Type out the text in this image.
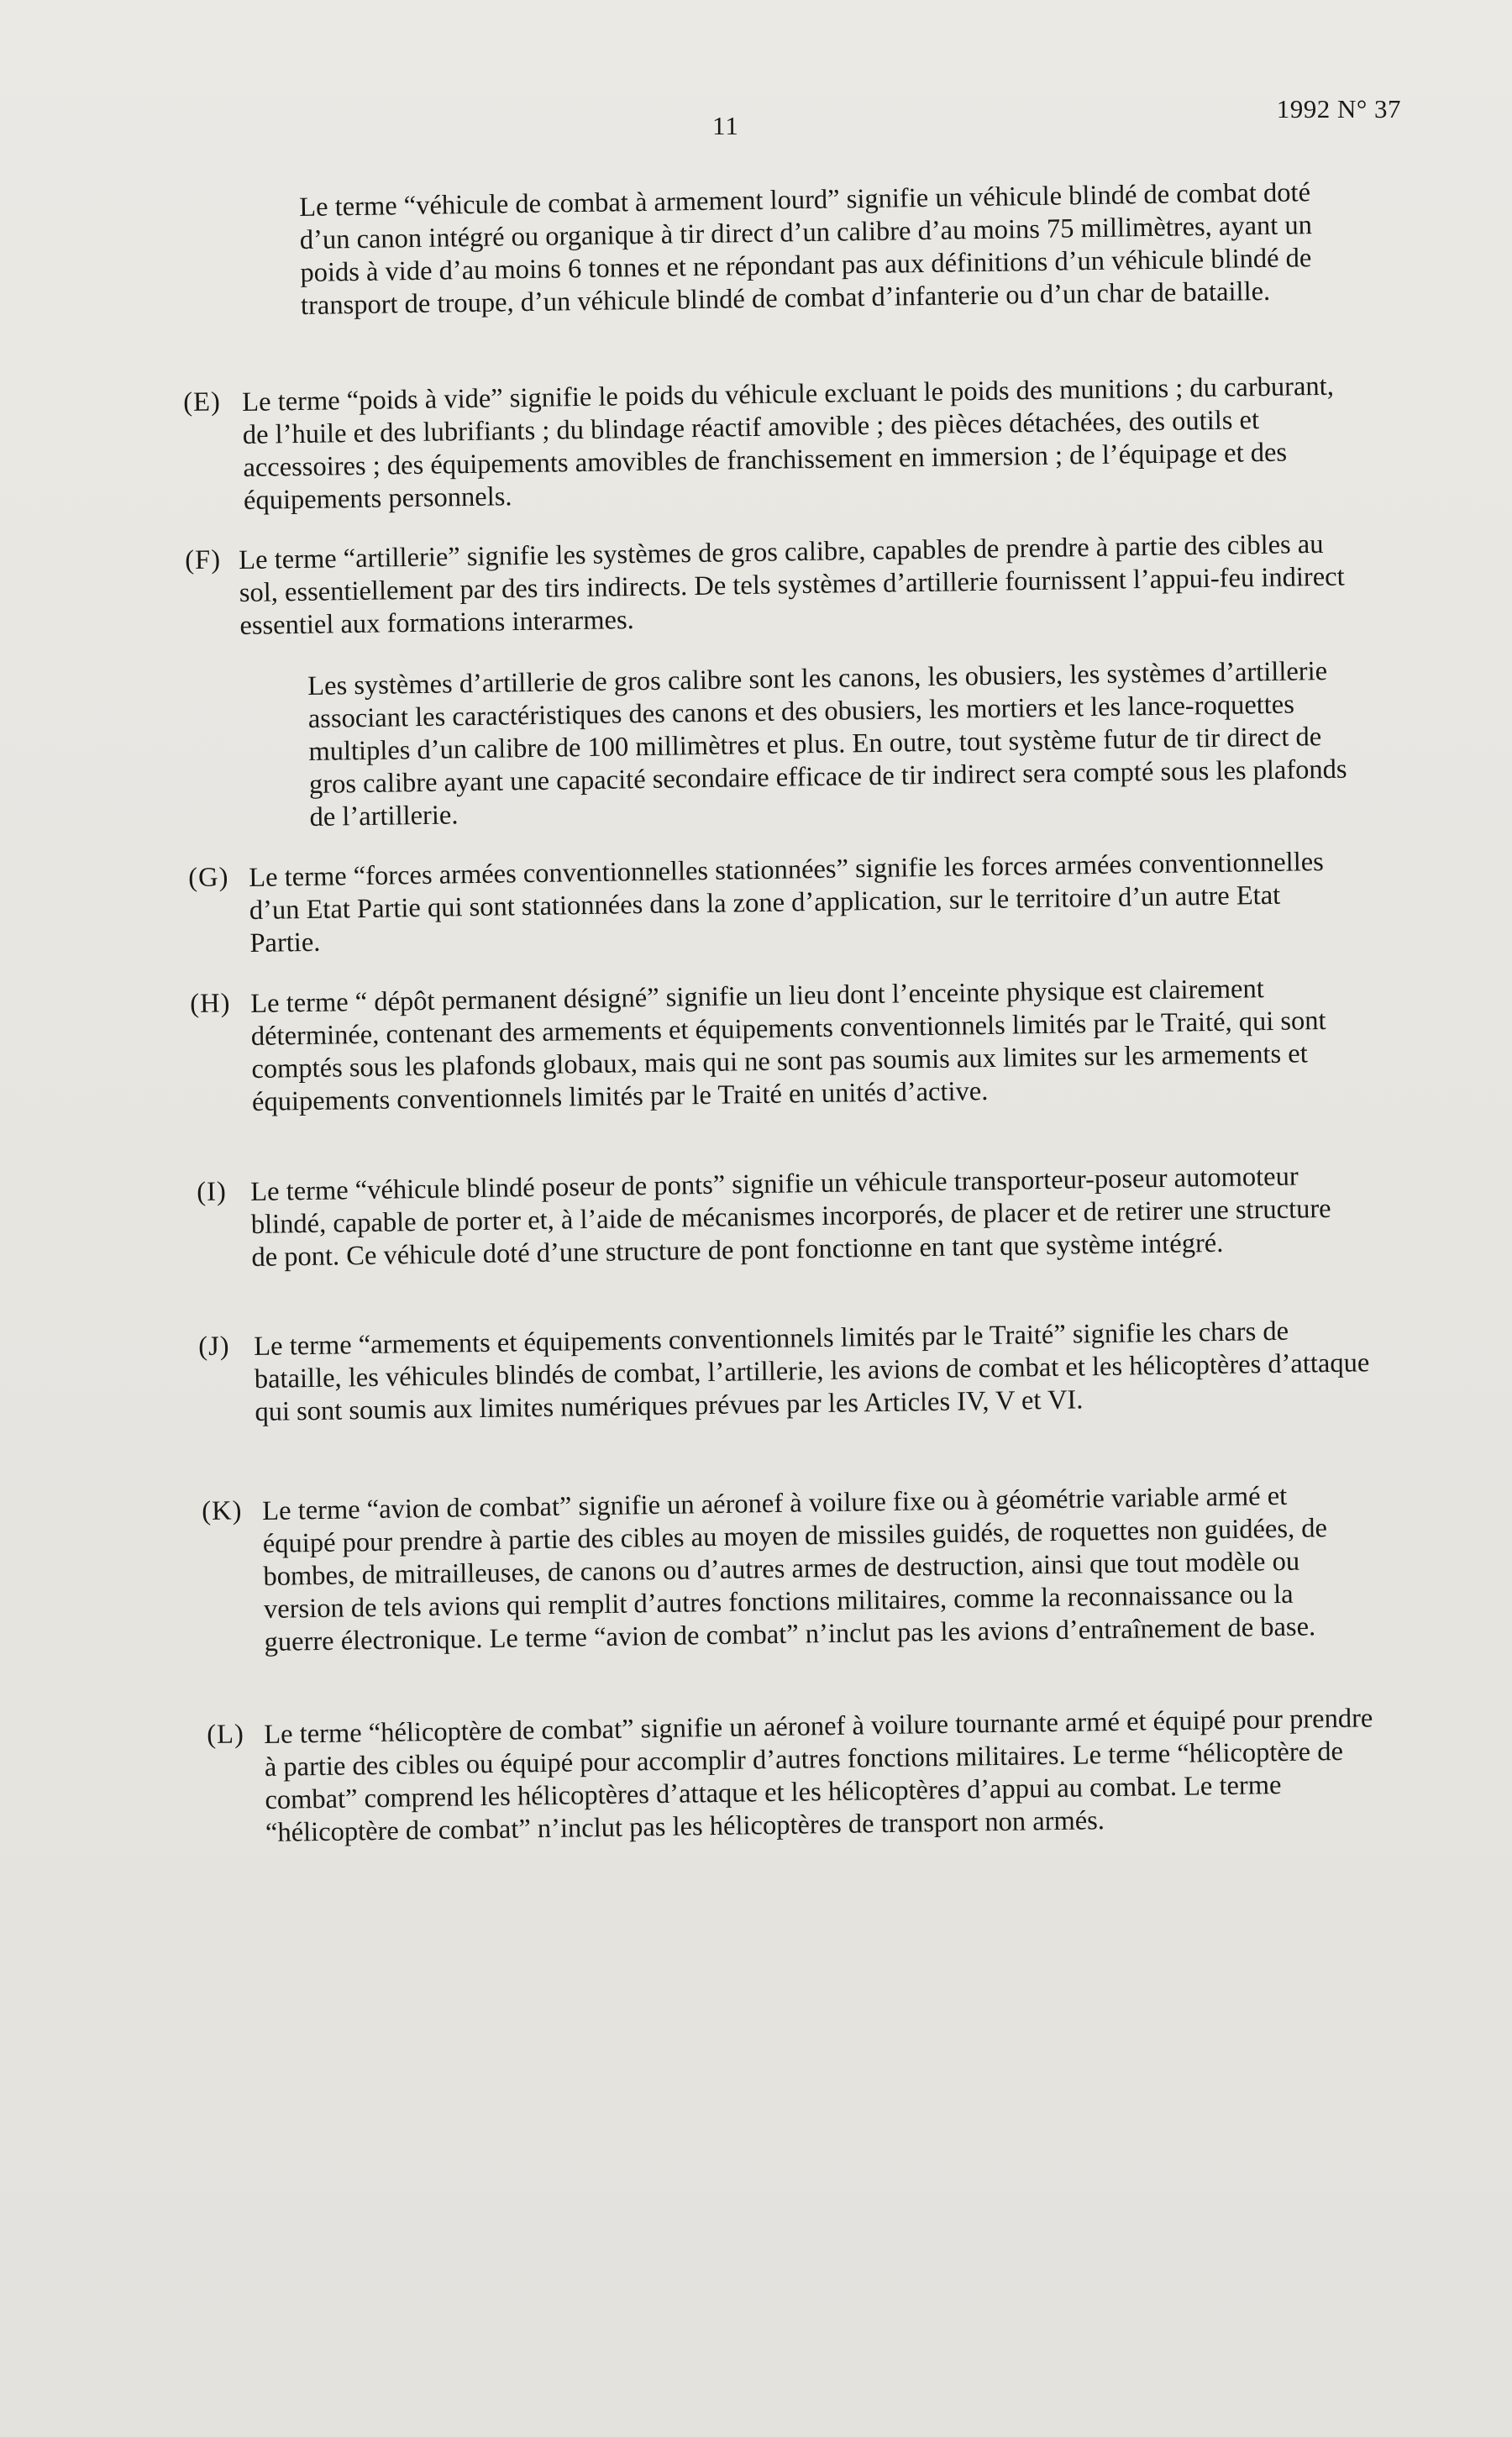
11
1992 N° 37
Le terme “véhicule de combat à armement lourd” signifie un véhicule blindé de combat doté d’un canon intégré ou organique à tir direct d’un calibre d’au moins 75 millimètres, ayant un poids à vide d’au moins 6 tonnes et ne répondant pas aux définitions d’un véhicule blindé de transport de troupe, d’un véhicule blindé de combat d’infanterie ou d’un char de bataille.
(E) Le terme “poids à vide” signifie le poids du véhicule excluant le poids des munitions ; du carburant, de l’huile et des lubrifiants ; du blindage réactif amovible ; des pièces détachées, des outils et accessoires ; des équipements amovibles de franchissement en immersion ; de l’équipage et des équipements personnels.
(F) Le terme “artillerie” signifie les systèmes de gros calibre, capables de prendre à partie des cibles au sol, essentiellement par des tirs indirects. De tels systèmes d’artillerie fournissent l’appui-feu indirect essentiel aux formations interarmes.
Les systèmes d’artillerie de gros calibre sont les canons, les obusiers, les systèmes d’artillerie associant les caractéristiques des canons et des obusiers, les mortiers et les lance-roquettes multiples d’un calibre de 100 millimètres et plus. En outre, tout système futur de tir direct de gros calibre ayant une capacité secondaire efficace de tir indirect sera compté sous les plafonds de l’artillerie.
(G) Le terme “forces armées conventionnelles stationnées” signifie les forces armées conventionnelles d’un Etat Partie qui sont stationnées dans la zone d’application, sur le territoire d’un autre Etat Partie.
(H) Le terme “ dépôt permanent désigné” signifie un lieu dont l’enceinte physique est clairement déterminée, contenant des armements et équipements conventionnels limités par le Traité, qui sont comptés sous les plafonds globaux, mais qui ne sont pas soumis aux limites sur les armements et équipements conventionnels limités par le Traité en unités d’active.
(I) Le terme “véhicule blindé poseur de ponts” signifie un véhicule transporteur-poseur automoteur blindé, capable de porter et, à l’aide de mécanismes incorporés, de placer et de retirer une structure de pont. Ce véhicule doté d’une structure de pont fonctionne en tant que système intégré.
(J) Le terme “armements et équipements conventionnels limités par le Traité” signifie les chars de bataille, les véhicules blindés de combat, l’artillerie, les avions de combat et les hélicoptères d’attaque qui sont soumis aux limites numériques prévues par les Articles IV, V et VI.
(K) Le terme “avion de combat” signifie un aéronef à voilure fixe ou à géométrie variable armé et équipé pour prendre à partie des cibles au moyen de missiles guidés, de roquettes non guidées, de bombes, de mitrailleuses, de canons ou d’autres armes de destruction, ainsi que tout modèle ou version de tels avions qui remplit d’autres fonctions militaires, comme la reconnaissance ou la guerre électronique. Le terme “avion de combat” n’inclut pas les avions d’entraînement de base.
(L) Le terme “hélicoptère de combat” signifie un aéronef à voilure tournante armé et équipé pour prendre à partie des cibles ou équipé pour accomplir d’autres fonctions militaires. Le terme “hélicoptère de combat” comprend les hélicoptères d’attaque et les hélicoptères d’appui au combat. Le terme “hélicoptère de combat” n’inclut pas les hélicoptères de transport non armés.
